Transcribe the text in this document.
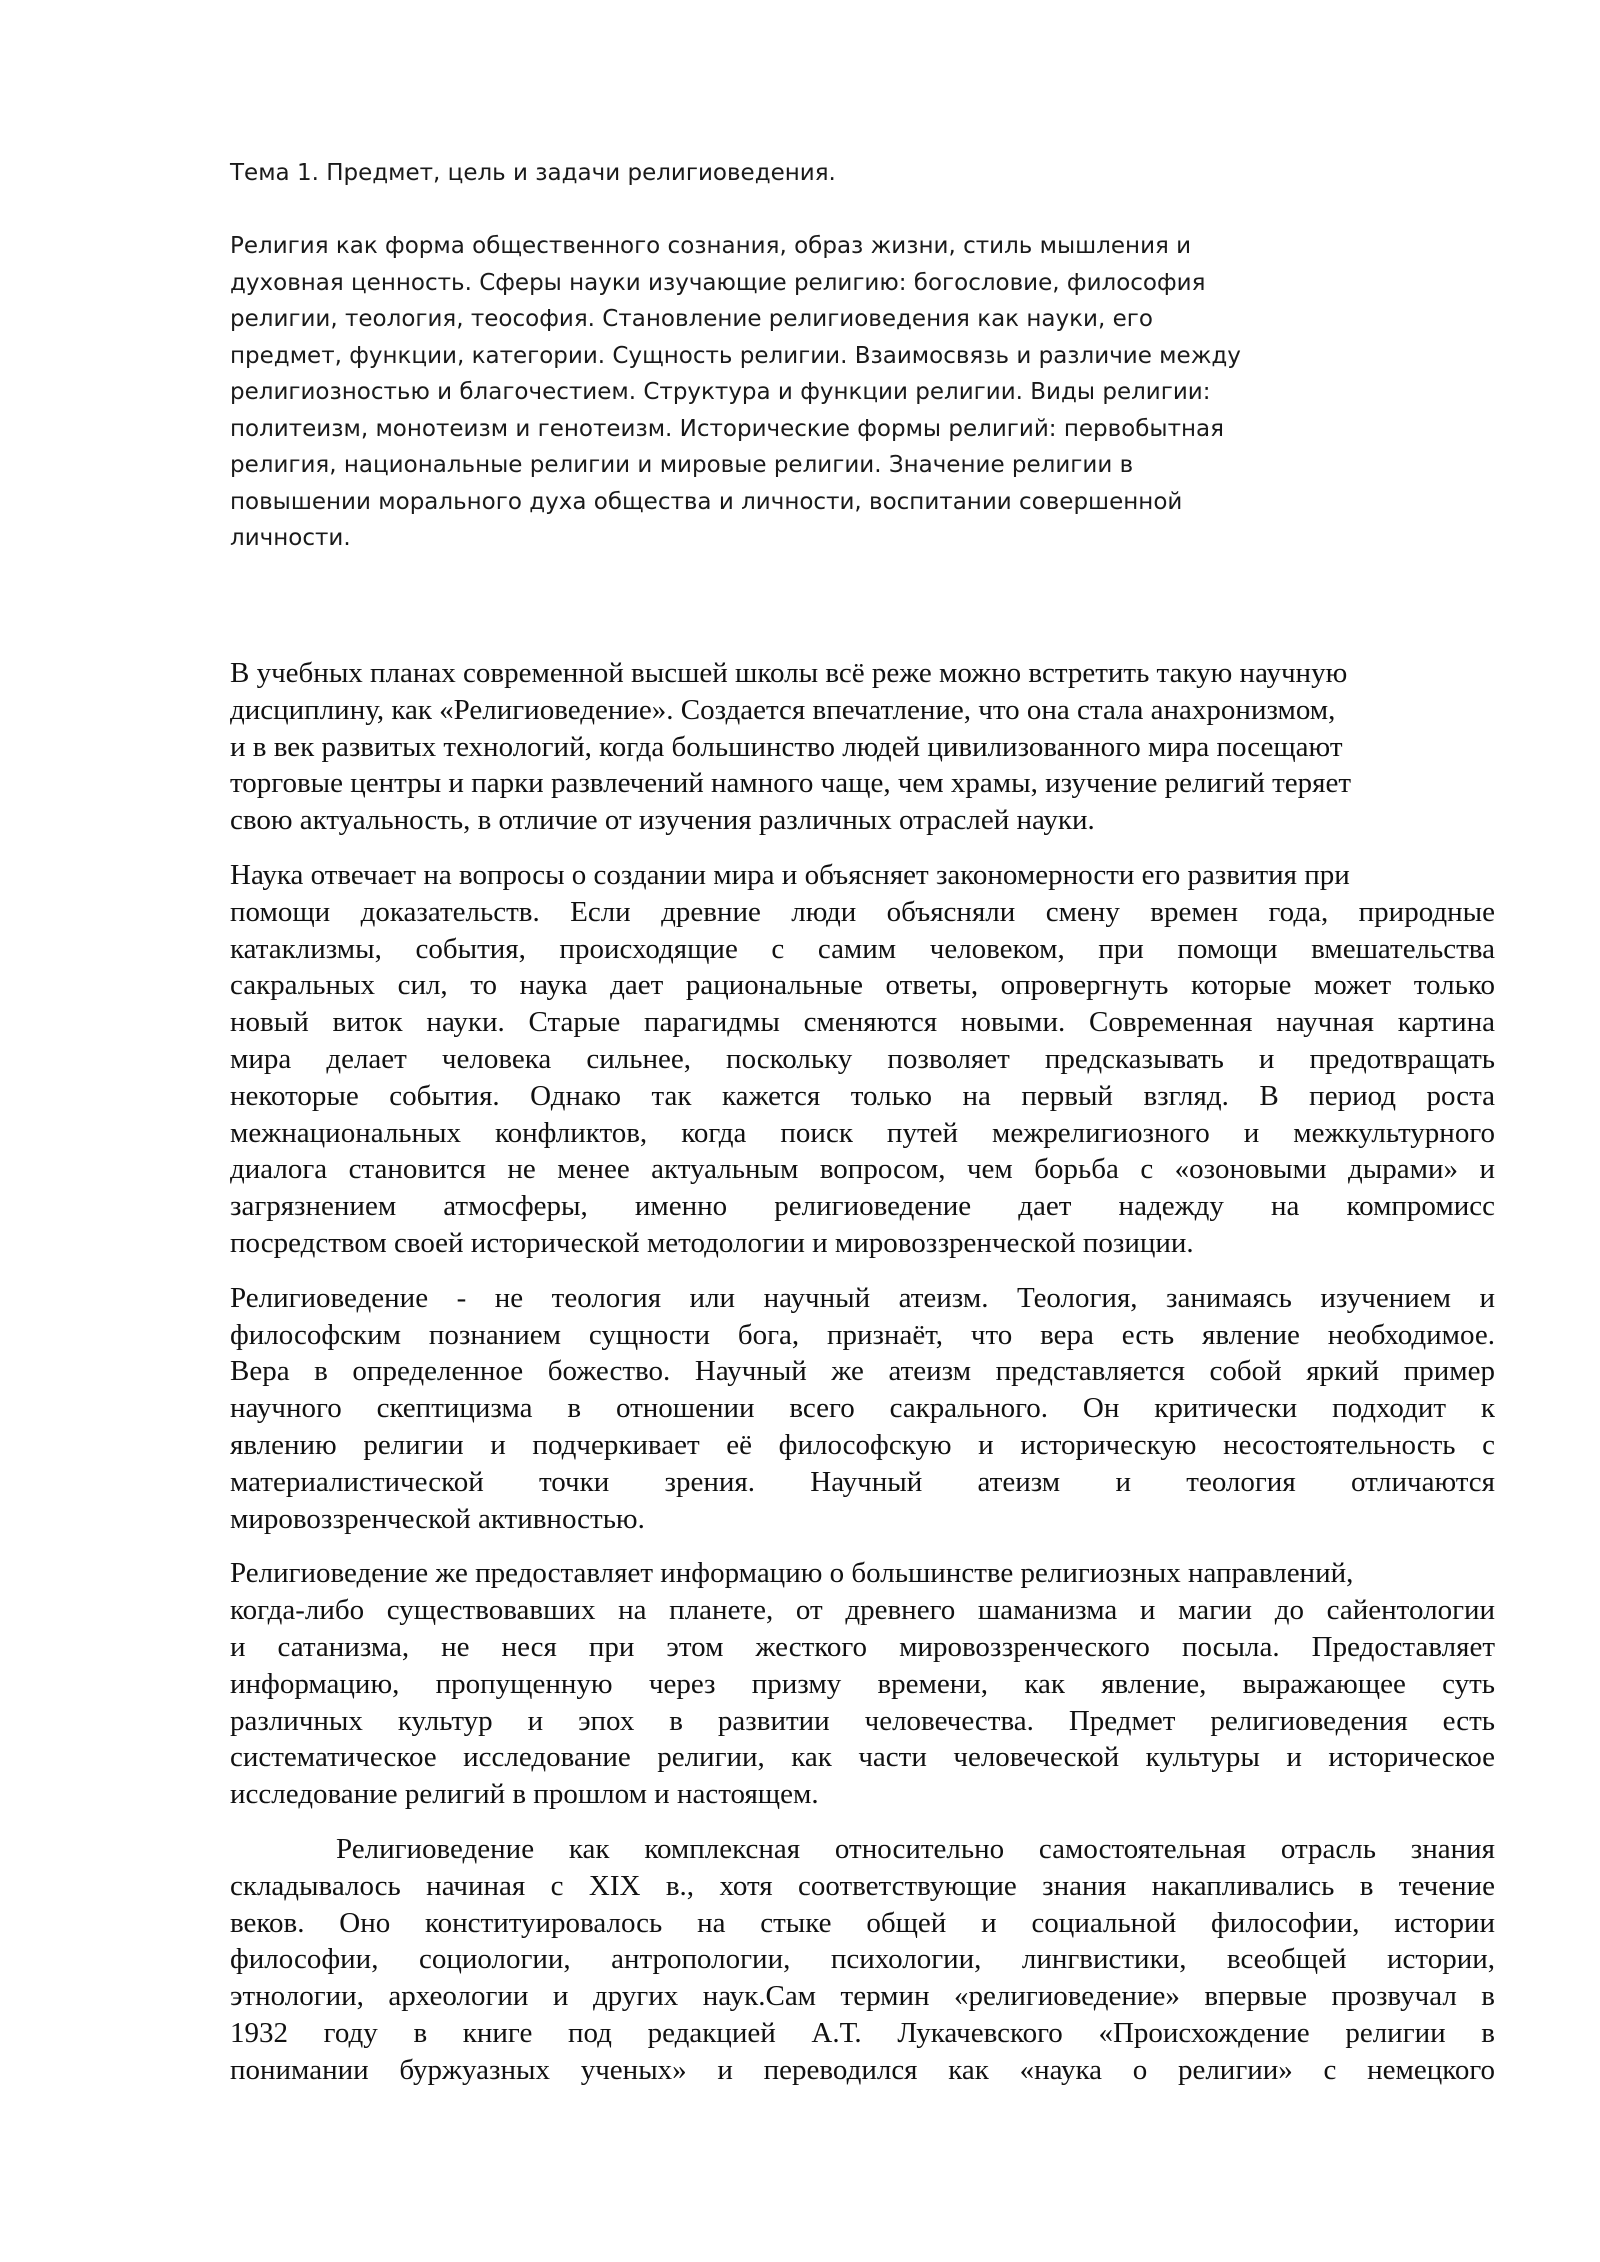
Тема 1. Предмет, цель и задачи религиоведения.
Религия как форма общественного сознания, образ жизни, стиль мышления и
духовная ценность. Сферы науки изучающие религию: богословие, философия
религии, теология, теософия. Становление религиоведения как науки, его
предмет, функции, категории. Сущность религии. Взаимосвязь и различие между
религиозностью и благочестием. Структура и функции религии. Виды религии:
политеизм, монотеизм и генотеизм. Исторические формы религий: первобытная
религия, национальные религии и мировые религии. Значение религии в
повышении морального духа общества и личности, воспитании совершенной
личности.

В учебных планах современной высшей школы всё реже можно встретить такую научную
дисциплину, как «Религиоведение». Создается впечатление, что она стала анахронизмом,
и в век развитых технологий, когда большинство людей цивилизованного мира посещают
торговые центры и парки развлечений намного чаще, чем храмы, изучение религий теряет
свою актуальность, в отличие от изучения различных отраслей науки.

Наука отвечает на вопросы о создании мира и объясняет закономерности его развития при
помощи доказательств. Если древние люди объясняли смену времен года, природные
катаклизмы, события, происходящие с самим человеком, при помощи вмешательства
сакральных сил, то наука дает рациональные ответы, опровергнуть которые может только
новый виток науки. Старые парагидмы сменяются новыми. Современная научная картина
мира делает человека сильнее, поскольку позволяет предсказывать и предотвращать
некоторые события. Однако так кажется только на первый взгляд. В период роста
межнациональных конфликтов, когда поиск путей межрелигиозного и межкультурного
диалога становится не менее актуальным вопросом, чем борьба с «озоновыми дырами» и
загрязнением атмосферы, именно религиоведение дает надежду на компромисс
посредством своей исторической методологии и мировоззренческой позиции.

Религиоведение - не теология или научный атеизм. Теология, занимаясь изучением и
философским познанием сущности бога, признаёт, что вера есть явление необходимое.
Вера в определенное божество. Научный же атеизм представляется собой яркий пример
научного скептицизма в отношении всего сакрального. Он критически подходит к
явлению религии и подчеркивает её философскую и историческую несостоятельность с
материалистической точки зрения. Научный атеизм и теология отличаются
мировоззренческой активностью.

Религиоведение же предоставляет информацию о большинстве религиозных направлений,
когда-либо существовавших на планете, от древнего шаманизма и магии до сайентологии
и сатанизма, не неся при этом жесткого мировоззренческого посыла. Предоставляет
информацию, пропущенную через призму времени, как явление, выражающее суть
различных культур и эпох в развитии человечества. Предмет религиоведения есть
систематическое исследование религии, как части человеческой культуры и историческое
исследование религий в прошлом и настоящем.

Религиоведение как комплексная относительно самостоятельная отрасль знания
складывалось начиная с XIX в., хотя соответствующие знания накапливались в течение
веков. Оно конституировалось на стыке общей и социальной философии, истории
философии, социологии, антропологии, психологии, лингвистики, всеобщей истории,
этнологии, археологии и других наук.Сам термин «религиоведение» впервые прозвучал в
1932 году в книге под редакцией А.Т. Лукачевского «Происхождение религии в
понимании буржуазных ученых» и переводился как «наука о религии» с немецкого
